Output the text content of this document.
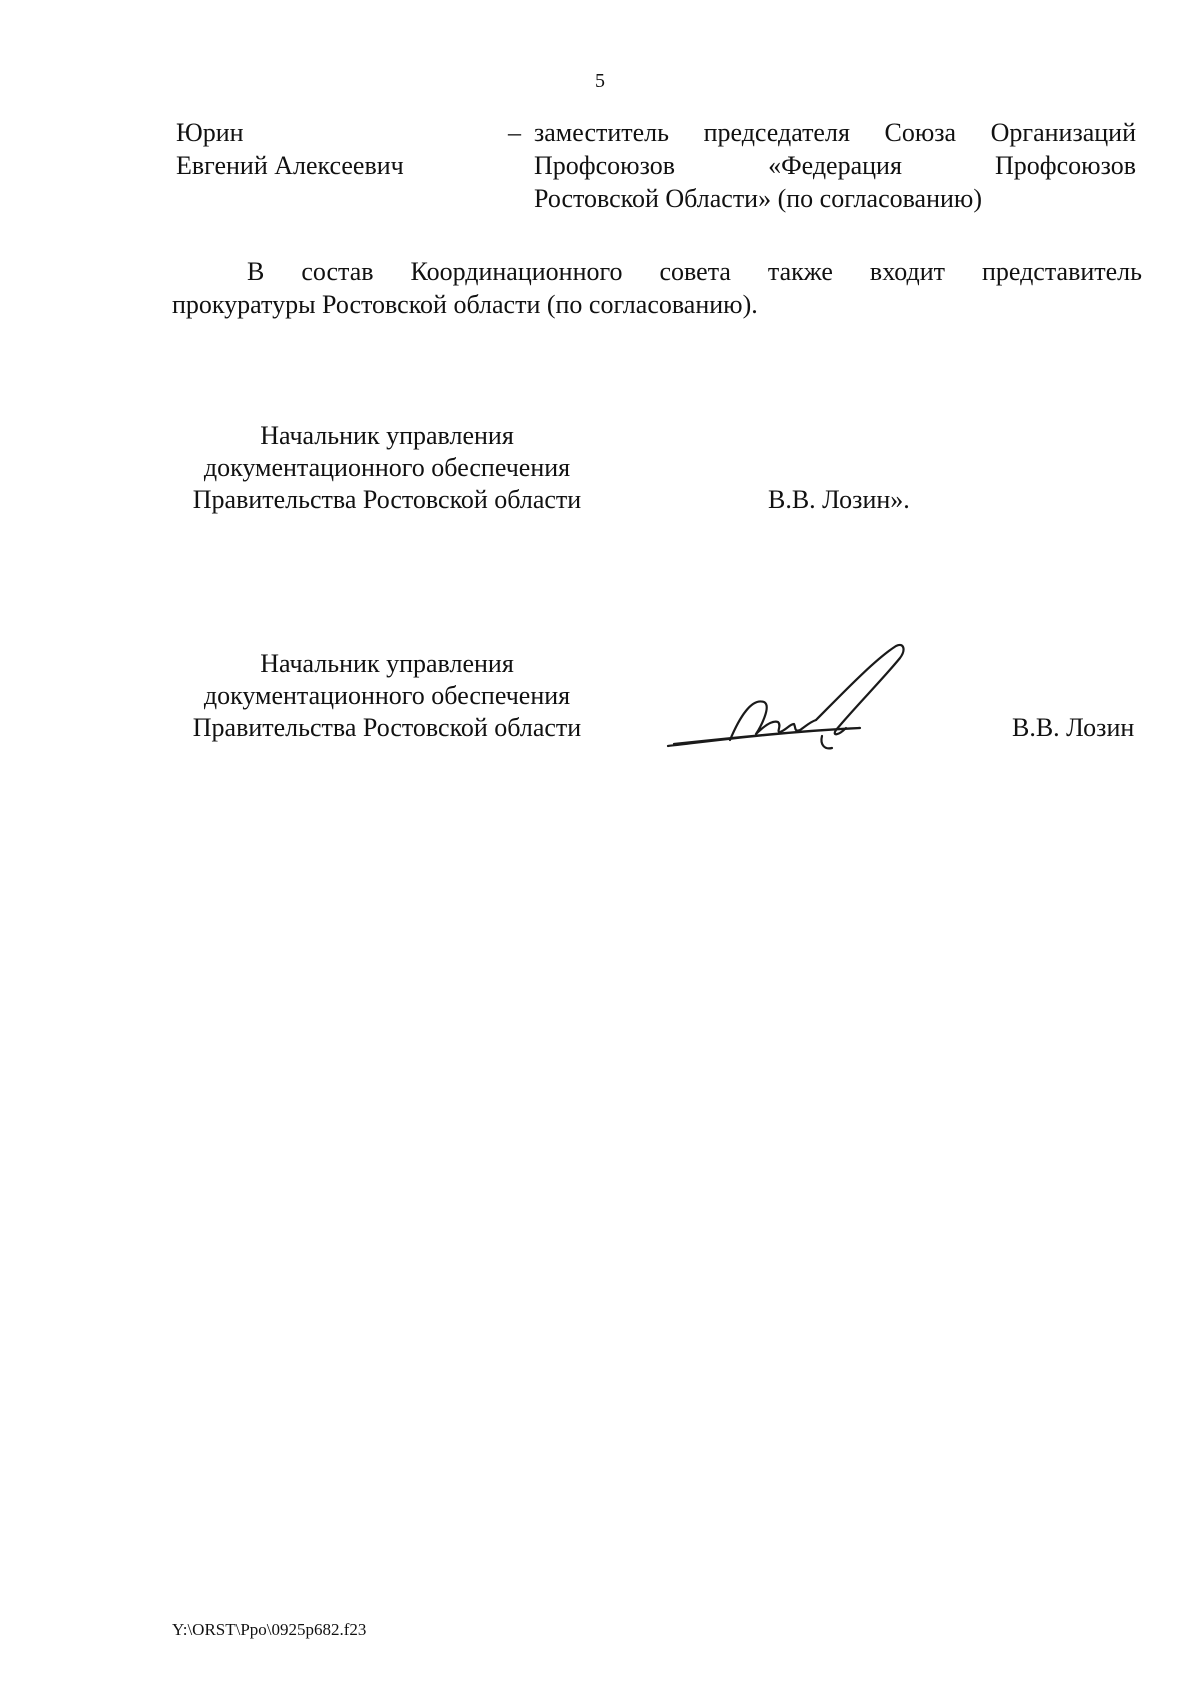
5
Юрин
Евгений Алексеевич
– заместитель председателя Союза Организаций
Профсоюзов «Федерация Профсоюзов
Ростовской Области» (по согласованию)
В состав Координационного совета также входит представитель
прокуратуры Ростовской области (по согласованию).
Начальник управления
документационного обеспечения
Правительства Ростовской области	В.В. Лозин».
Начальник управления
документационного обеспечения
Правительства Ростовской области	В.В. Лозин
Y:\ORST\Ppo\0925p682.f23
